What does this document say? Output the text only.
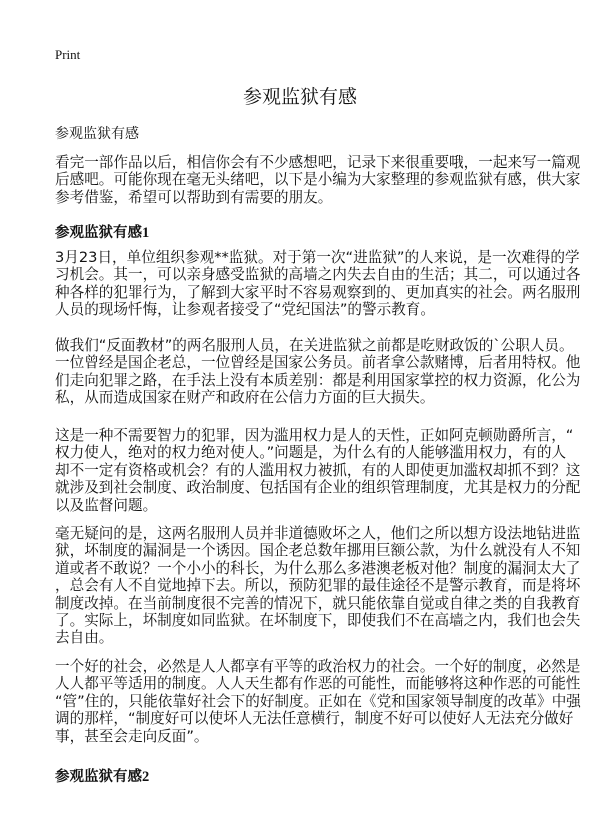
Print
参观监狱有感
参观监狱有感
看完一部作品以后，相信你会有不少感想吧，记录下来很重要哦，一起来写一篇观
后感吧。可能你现在毫无头绪吧，以下是小编为大家整理的参观监狱有感，供大家
参考借鉴，希望可以帮助到有需要的朋友。
参观监狱有感1
3月23日，单位组织参观**监狱。对于第一次“进监狱”的人来说，是一次难得的学
习机会。其一，可以亲身感受监狱的高墙之内失去自由的生活；其二，可以通过各
种各样的犯罪行为，了解到大家平时不容易观察到的、更加真实的社会。两名服刑
人员的现场忏悔，让参观者接受了“党纪国法”的警示教育。
做我们“反面教材”的两名服刑人员，在关进监狱之前都是吃财政饭的`公职人员。
一位曾经是国企老总，一位曾经是国家公务员。前者拿公款赌博，后者用特权。他
们走向犯罪之路，在手法上没有本质差别：都是利用国家掌控的权力资源，化公为
私，从而造成国家在财产和政府在公信力方面的巨大损失。
这是一种不需要智力的犯罪，因为滥用权力是人的天性，正如阿克顿勋爵所言，“
权力使人，绝对的权力绝对使人。”问题是，为什么有的人能够滥用权力，有的人
却不一定有资格或机会？有的人滥用权力被抓，有的人即使更加滥权却抓不到？这
就涉及到社会制度、政治制度、包括国有企业的组织管理制度，尤其是权力的分配
以及监督问题。
毫无疑问的是，这两名服刑人员并非道德败坏之人，他们之所以想方设法地钻进监
狱，坏制度的漏洞是一个诱因。国企老总数年挪用巨额公款，为什么就没有人不知
道或者不敢说？一个小小的科长，为什么那么多港澳老板对他？制度的漏洞太大了
，总会有人不自觉地掉下去。所以，预防犯罪的最佳途径不是警示教育，而是将坏
制度改掉。在当前制度很不完善的情况下，就只能依靠自觉或自律之类的自我教育
了。实际上，坏制度如同监狱。在坏制度下，即使我们不在高墙之内，我们也会失
去自由。
一个好的社会，必然是人人都享有平等的政治权力的社会。一个好的制度，必然是
人人都平等适用的制度。人人天生都有作恶的可能性，而能够将这种作恶的可能性
“管”住的，只能依靠好社会下的好制度。正如在《党和国家领导制度的改革》中强
调的那样，“制度好可以使坏人无法任意横行，制度不好可以使好人无法充分做好
事，甚至会走向反面”。
参观监狱有感2
